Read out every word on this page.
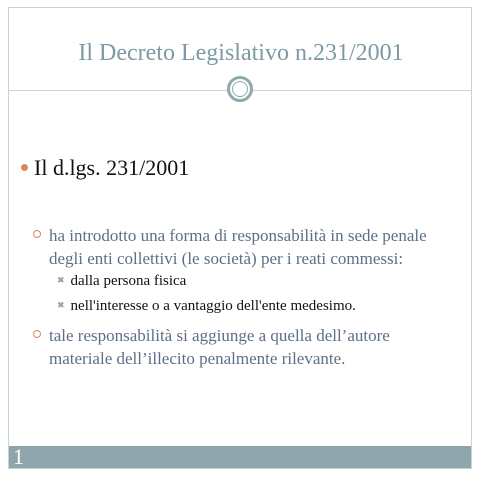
Il Decreto Legislativo n.231/2001
Il d.lgs. 231/2001
ha introdotto una forma di responsabilità in sede penale degli enti collettivi (le società) per i reati commessi:
✖ dalla persona fisica
✖ nell'interesse o a vantaggio dell'ente medesimo.
tale responsabilità si aggiunge a quella dell’autore materiale dell’illecito penalmente rilevante.
1
